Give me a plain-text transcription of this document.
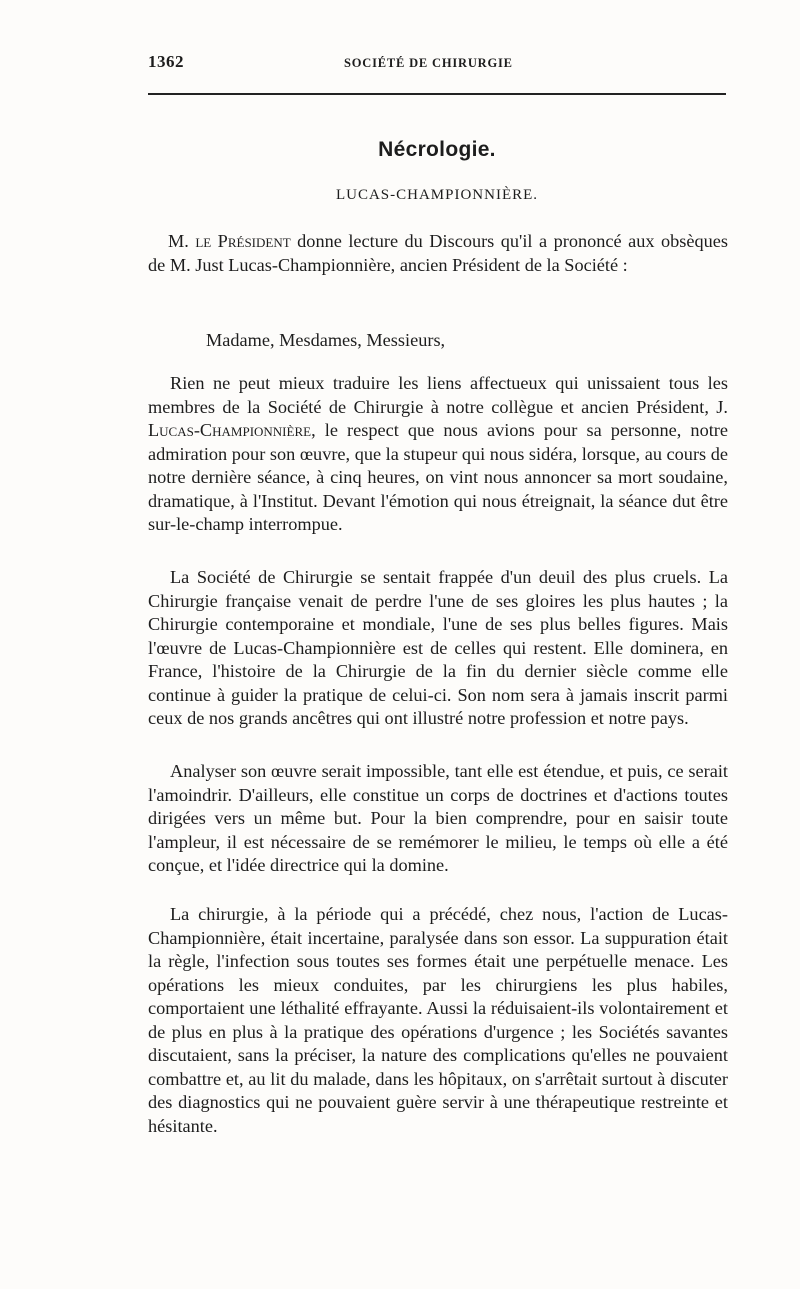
1362	SOCIÉTÉ DE CHIRURGIE
Nécrologie.
LUCAS-CHAMPIONNIÈRE.
M. le Président donne lecture du Discours qu'il a prononcé aux obsèques de M. Just Lucas-Championnière, ancien Président de la Société :
Madame, Mesdames, Messieurs,
Rien ne peut mieux traduire les liens affectueux qui unissaient tous les membres de la Société de Chirurgie à notre collègue et ancien Président, J. Lucas-Championnière, le respect que nous avions pour sa personne, notre admiration pour son œuvre, que la stupeur qui nous sidéra, lorsque, au cours de notre dernière séance, à cinq heures, on vint nous annoncer sa mort soudaine, dramatique, à l'Institut. Devant l'émotion qui nous étreignait, la séance dut être sur-le-champ interrompue.
La Société de Chirurgie se sentait frappée d'un deuil des plus cruels. La Chirurgie française venait de perdre l'une de ses gloires les plus hautes ; la Chirurgie contemporaine et mondiale, l'une de ses plus belles figures. Mais l'œuvre de Lucas-Championnière est de celles qui restent. Elle dominera, en France, l'histoire de la Chirurgie de la fin du dernier siècle comme elle continue à guider la pratique de celui-ci. Son nom sera à jamais inscrit parmi ceux de nos grands ancêtres qui ont illustré notre profession et notre pays.
Analyser son œuvre serait impossible, tant elle est étendue, et puis, ce serait l'amoindrir. D'ailleurs, elle constitue un corps de doctrines et d'actions toutes dirigées vers un même but. Pour la bien comprendre, pour en saisir toute l'ampleur, il est nécessaire de se remémorer le milieu, le temps où elle a été conçue, et l'idée directrice qui la domine.
La chirurgie, à la période qui a précédé, chez nous, l'action de Lucas-Championnière, était incertaine, paralysée dans son essor. La suppuration était la règle, l'infection sous toutes ses formes était une perpétuelle menace. Les opérations les mieux conduites, par les chirurgiens les plus habiles, comportaient une léthalité effrayante. Aussi la réduisaient-ils volontairement et de plus en plus à la pratique des opérations d'urgence ; les Sociétés savantes discutaient, sans la préciser, la nature des complications qu'elles ne pouvaient combattre et, au lit du malade, dans les hôpitaux, on s'arrêtait surtout à discuter des diagnostics qui ne pouvaient guère servir à une thérapeutique restreinte et hésitante.
